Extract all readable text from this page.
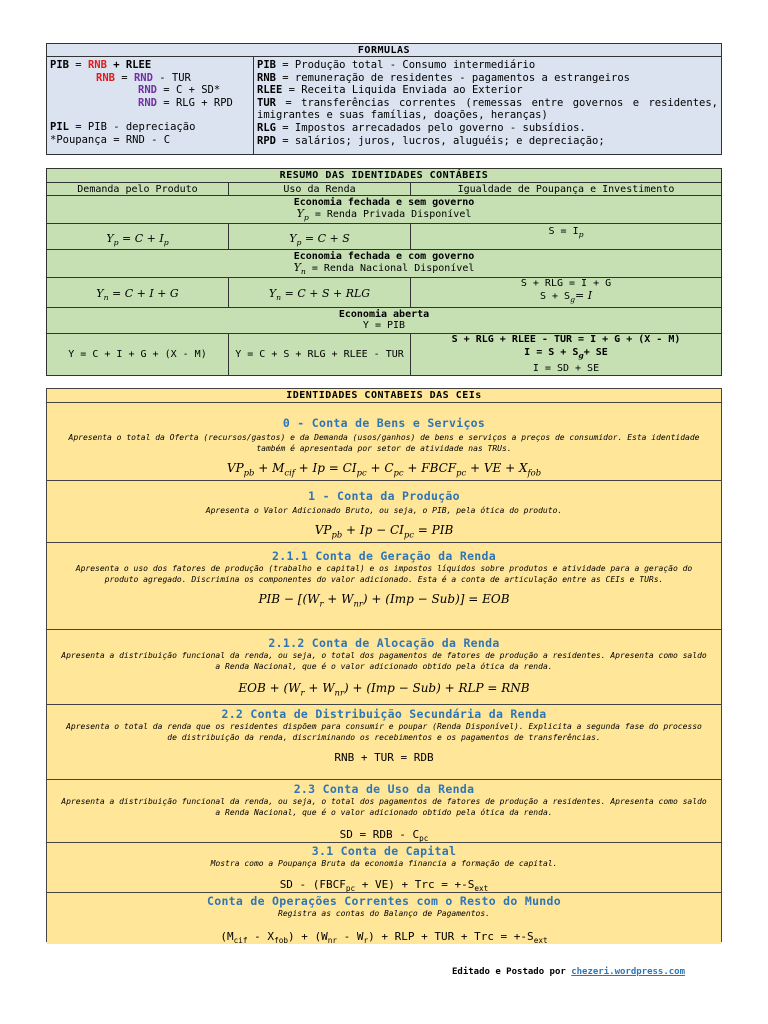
FORMULAS

PIB = RNB + RLEE
RNB = RND - TUR
RND = C + SD*
RND = RLG + RPD
PIL = PIB - depreciação
*Poupança = RND - C

PIB = Produção total - Consumo intermediário
RNB = remuneração de residentes - pagamentos a estrangeiros
RLEE = Receita Liquida Enviada ao Exterior
TUR = transferências correntes (remessas entre governos e residentes, imigrantes e suas famílias, doações, heranças)
RLG = Impostos arrecadados pelo governo - subsídios.
RPD = salários; juros, lucros, aluguéis; e depreciação;
RESUMO DAS IDENTIDADES CONTÁBEIS		
Demanda pelo Produto	Uso da Renda	Igualdade de Poupança e Investimento

Economia fechada e sem governo
$Y_p$ = Renda Privada Disponível		

$Y_p = C + I_p$	$Y_p = C + S$	$S = I_p$

Economia fechada e com governo
$Y_n$ = Renda Nacional Disponível		

$Y_n = C + I + G$	$Y_n = C + S$ + RLG	S + RLG = I + G
$S + S_g= I$

Economia aberta
Y = PIB		

Y = C + I + G + (X - M)	Y = C + S + RLG + RLEE - TUR	S + RLG + RLEE - TUR = I + G + (X - M)
$I = S + S_g+$ SE
I = SD + SE
IDENTIDADES CONTABEIS DAS CEIs
0 - Conta de Bens e Serviços
Apresenta o total da Oferta (recursos/gastos) e da Demanda (usos/ganhos) de bens e serviços a preços de consumidor. Esta identidade também é apresentada por setor de atividade nas TRUs.
$VP_{pb} + M_{cif} + Ip = CI_{pc} + C_{pc}$ + $FBCF_{pc}$ + VE + $X_{fob}$
1 - Conta da Produção
Apresenta o Valor Adicionado Bruto, ou seja, o PIB, pela ótica do produto.
$VP_{pb} + Ip - CI_{pc}$ = PIB
2.1.1 Conta de Geração da Renda
Apresenta o uso dos fatores de produção (trabalho e capital) e os impostos líquidos sobre produtos e atividade para a geração do produto agregado. Discrimina os componentes do valor adicionado. Esta é a conta de articulação entre as CEIs e TURs.
PIB − $[(W_r + W_{nr}) + (Imp - Sub)]$ = EOB
2.1.2 Conta de Alocação da Renda
Apresenta a distribuição funcional da renda, ou seja, o total dos pagamentos de fatores de produção a residentes. Apresenta como saldo a Renda Nacional, que é o valor adicionado obtido pela ótica da renda.
EOB + $(W_r + W_{nr}) + (Imp - Sub)$ + RLP = RNB
2.2 Conta de Distribuição Secundária da Renda
Apresenta o total da renda que os residentes dispõem para consumir e poupar (Renda Disponível). Explicita a segunda fase do processo de distribuição da renda, discriminando os recebimentos e os pagamentos de transferências.
RNB + TUR = RDB
2.3 Conta de Uso da Renda
Apresenta a distribuição funcional da renda, ou seja, o total dos pagamentos de fatores de produção a residentes. Apresenta como saldo a Renda Nacional, que é o valor adicionado obtido pela ótica da renda.
SD = RDB - $C_{pc}$
3.1 Conta de Capital
Mostra como a Poupança Bruta da economia financia a formação de capital.
SD - $(FBCF_{pc} + VE)$ + Trc = $+-S_{ext}$
Conta de Operações Correntes com o Resto do Mundo
Registra as contas do Balanço de Pagamentos.
$(M_{cif} - X_{fob}) + (W_{nr} - W_r)$ + RLP + TUR + Trc = $+-S_{ext}$
Editado e Postado por chezeri.wordpress.com
